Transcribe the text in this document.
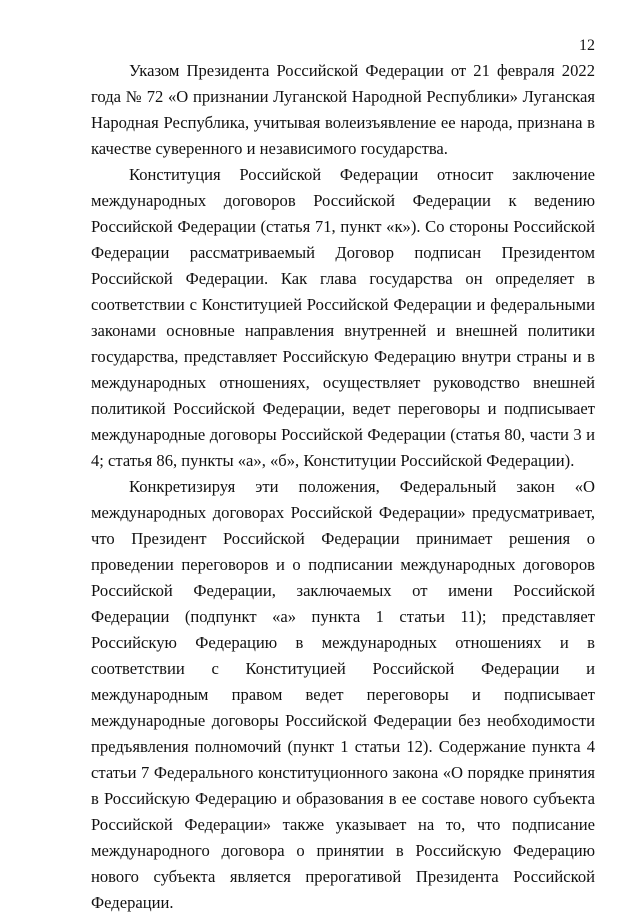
12

Указом Президента Российской Федерации от 21 февраля 2022 года № 72 «О признании Луганской Народной Республики» Луганская Народная Республика, учитывая волеизъявление ее народа, признана в качестве суверенного и независимого государства.

Конституция Российской Федерации относит заключение международных договоров Российской Федерации к ведению Российской Федерации (статья 71, пункт «к»). Со стороны Российской Федерации рассматриваемый Договор подписан Президентом Российской Федерации. Как глава государства он определяет в соответствии с Конституцией Российской Федерации и федеральными законами основные направления внутренней и внешней политики государства, представляет Российскую Федерацию внутри страны и в международных отношениях, осуществляет руководство внешней политикой Российской Федерации, ведет переговоры и подписывает международные договоры Российской Федерации (статья 80, части 3 и 4; статья 86, пункты «а», «б», Конституции Российской Федерации).

Конкретизируя эти положения, Федеральный закон «О международных договорах Российской Федерации» предусматривает, что Президент Российской Федерации принимает решения о проведении переговоров и о подписании международных договоров Российской Федерации, заключаемых от имени Российской Федерации (подпункт «а» пункта 1 статьи 11); представляет Российскую Федерацию в международных отношениях и в соответствии с Конституцией Российской Федерации и международным правом ведет переговоры и подписывает международные договоры Российской Федерации без необходимости предъявления полномочий (пункт 1 статьи 12). Содержание пункта 4 статьи 7 Федерального конституционного закона «О порядке принятия в Российскую Федерацию и образования в ее составе нового субъекта Российской Федерации» также указывает на то, что подписание международного договора о принятии в Российскую Федерацию нового субъекта является прерогативой Президента Российской Федерации.
